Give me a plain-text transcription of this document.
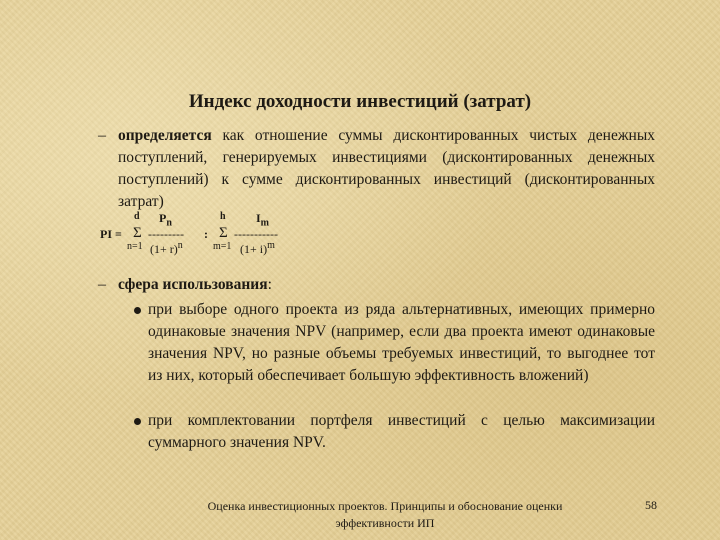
Индекс доходности инвестиций (затрат)
– определяется как отношение суммы дисконтированных чистых денежных поступлений, генерируемых инвестициями (дисконтированных денежных поступлений) к сумме дисконтированных инвестиций (дисконтированных затрат)
PI = Σ
d
n=1
$P_n$
---------
$(1+ r)^n$
: Σ
h
m=1
$I_m$
-----------
$(1+ i)^m$
– сфера использования:
при выборе одного проекта из ряда альтернативных, имеющих примерно одинаковые значения NPV (например, если два проекта имеют одинаковые значения NPV, но разные объемы требуемых инвестиций, то выгоднее тот из них, который обеспечивает большую эффективность вложений)
при комплектовании портфеля инвестиций с целью максимизации суммарного значения NPV.
Оценка инвестиционных проектов. Принципы и обоснование оценки эффективности ИП
58
